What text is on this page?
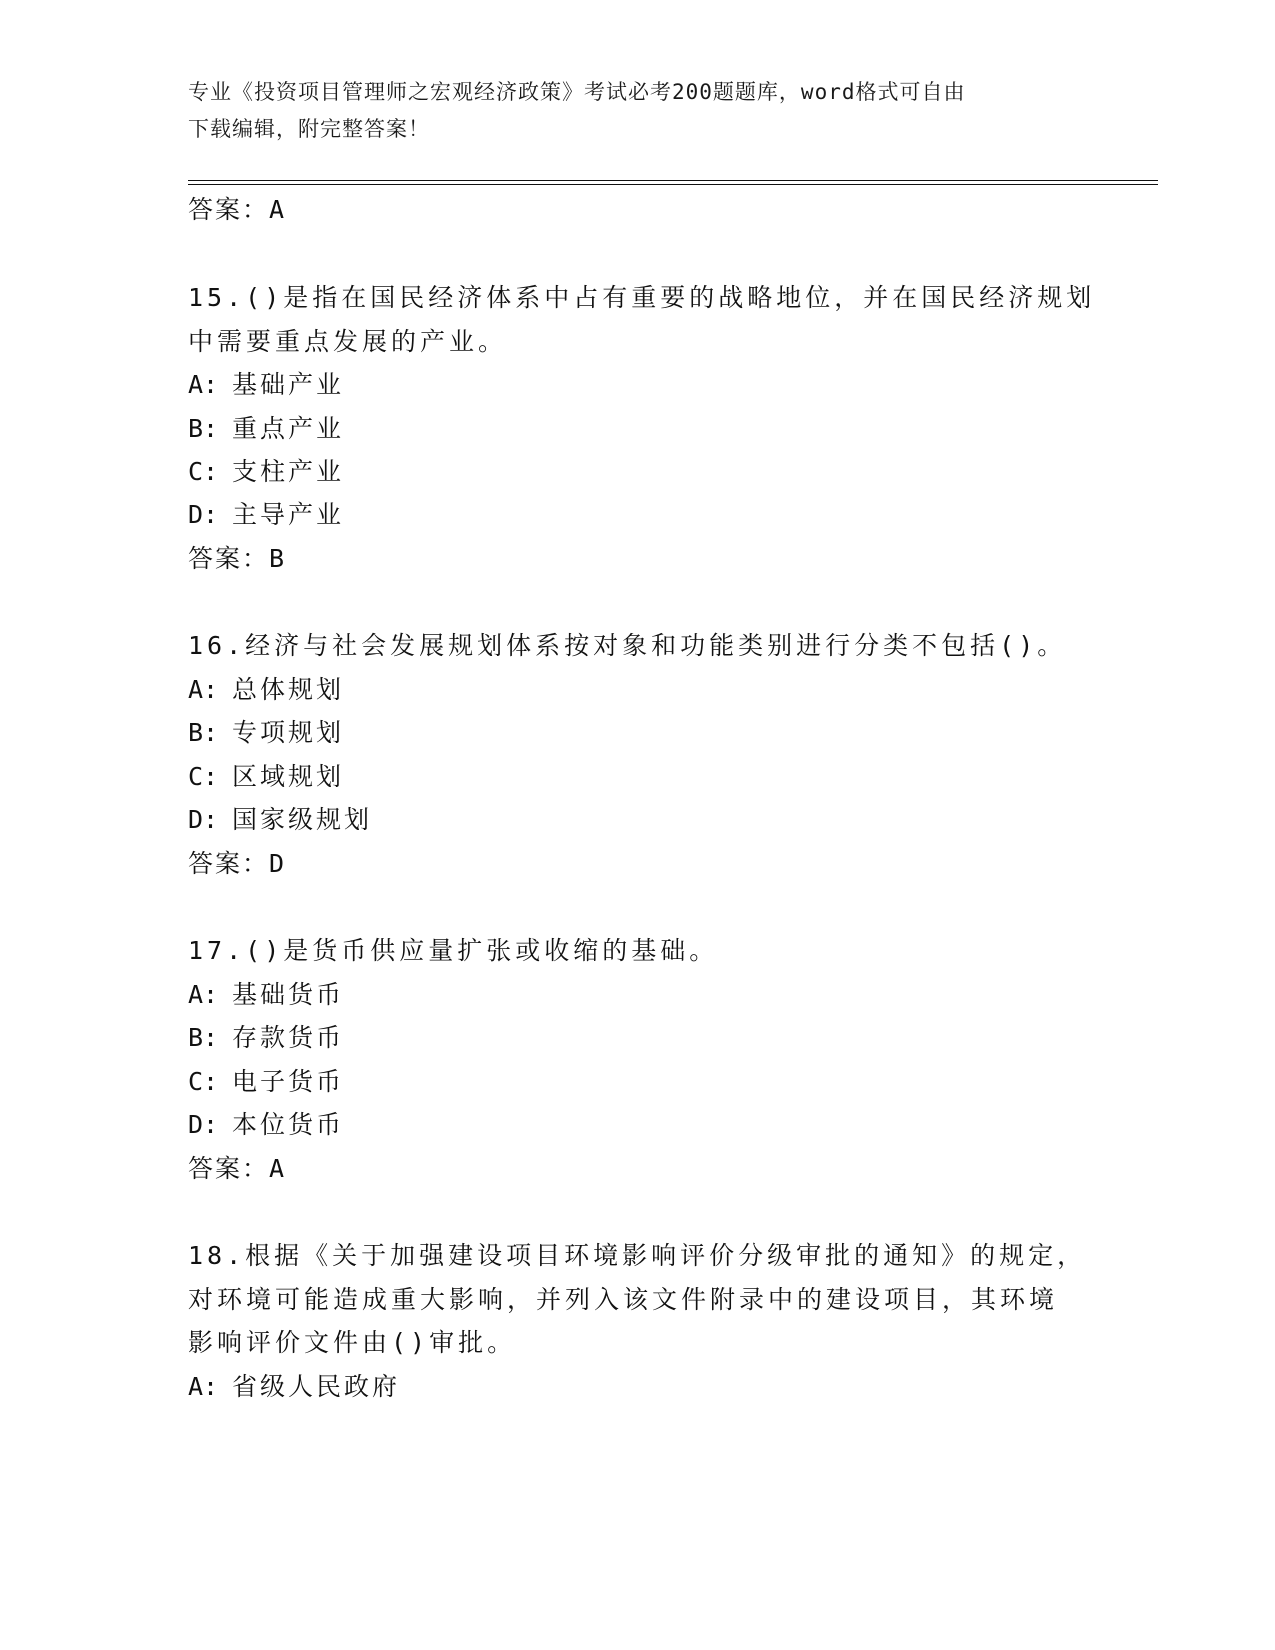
专业《投资项目管理师之宏观经济政策》考试必考200题题库，word格式可自由
下载编辑，附完整答案！
答案：A
15.()是指在国民经济体系中占有重要的战略地位，并在国民经济规划
中需要重点发展的产业。
A: 基础产业
B: 重点产业
C: 支柱产业
D: 主导产业
答案：B
16.经济与社会发展规划体系按对象和功能类别进行分类不包括()。
A: 总体规划
B: 专项规划
C: 区域规划
D: 国家级规划
答案：D
17.()是货币供应量扩张或收缩的基础。
A: 基础货币
B: 存款货币
C: 电子货币
D: 本位货币
答案：A
18.根据《关于加强建设项目环境影响评价分级审批的通知》的规定，
对环境可能造成重大影响，并列入该文件附录中的建设项目，其环境
影响评价文件由()审批。
A: 省级人民政府
